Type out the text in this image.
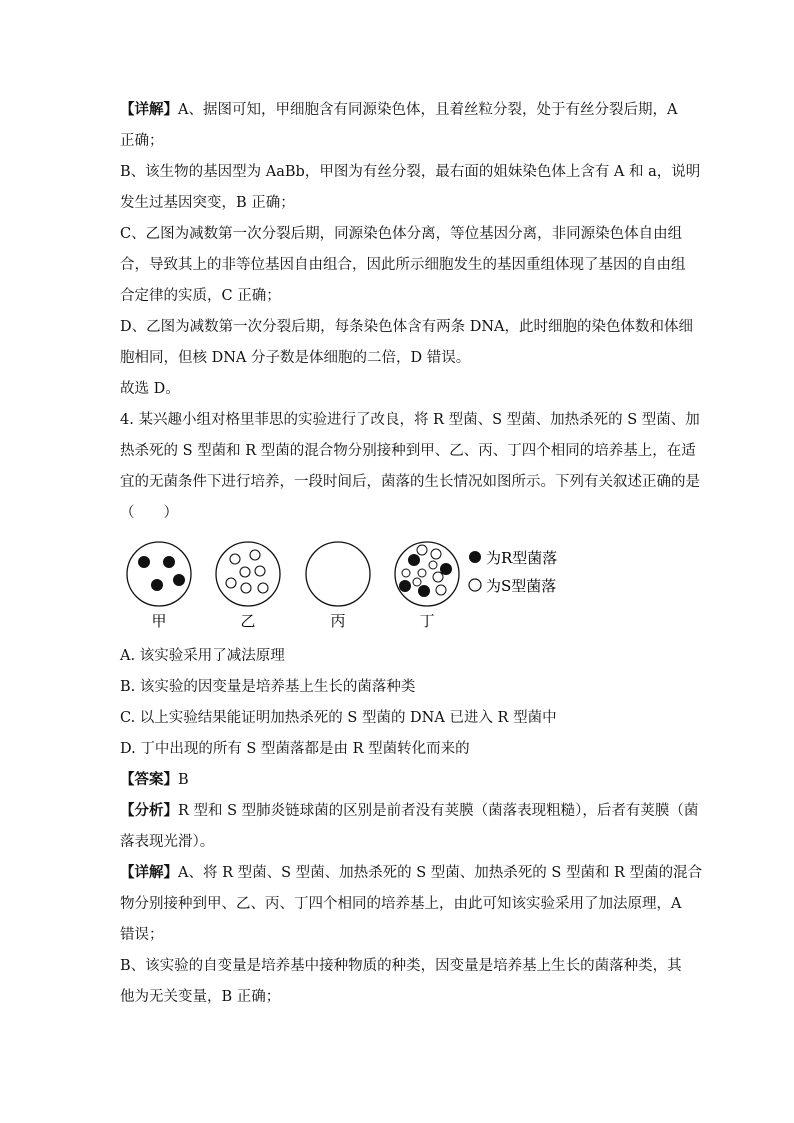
【详解】A、据图可知，甲细胞含有同源染色体，且着丝粒分裂，处于有丝分裂后期，A

正确；

B、该生物的基因型为 AaBb，甲图为有丝分裂，最右面的姐妹染色体上含有 A 和 a，说明

发生过基因突变，B 正确；

C、乙图为减数第一次分裂后期，同源染色体分离，等位基因分离，非同源染色体自由组

合，导致其上的非等位基因自由组合，因此所示细胞发生的基因重组体现了基因的自由组

合定律的实质，C 正确；

D、乙图为减数第一次分裂后期，每条染色体含有两条 DNA，此时细胞的染色体数和体细

胞相同，但核 DNA 分子数是体细胞的二倍，D 错误。

故选 D。

4. 某兴趣小组对格里菲思的实验进行了改良，将 R 型菌、S 型菌、加热杀死的 S 型菌、加

热杀死的 S 型菌和 R 型菌的混合物分别接种到甲、乙、丙、丁四个相同的培养基上，在适

宜的无菌条件下进行培养，一段时间后，菌落的生长情况如图所示。下列有关叙述正确的是

（　　）

A. 该实验采用了减法原理

B. 该实验的因变量是培养基上生长的菌落种类

C. 以上实验结果能证明加热杀死的 S 型菌的 DNA 已进入 R 型菌中

D. 丁中出现的所有 S 型菌落都是由 R 型菌转化而来的

【答案】B

【分析】R 型和 S 型肺炎链球菌的区别是前者没有荚膜（菌落表现粗糙），后者有荚膜（菌

落表现光滑）。

【详解】A、将 R 型菌、S 型菌、加热杀死的 S 型菌、加热杀死的 S 型菌和 R 型菌的混合

物分别接种到甲、乙、丙、丁四个相同的培养基上，由此可知该实验采用了加法原理，A

错误；

B、该实验的自变量是培养基中接种物质的种类，因变量是培养基上生长的菌落种类，其

他为无关变量，B 正确；

甲	乙	丙	丁
为R型菌落
为S型菌落
